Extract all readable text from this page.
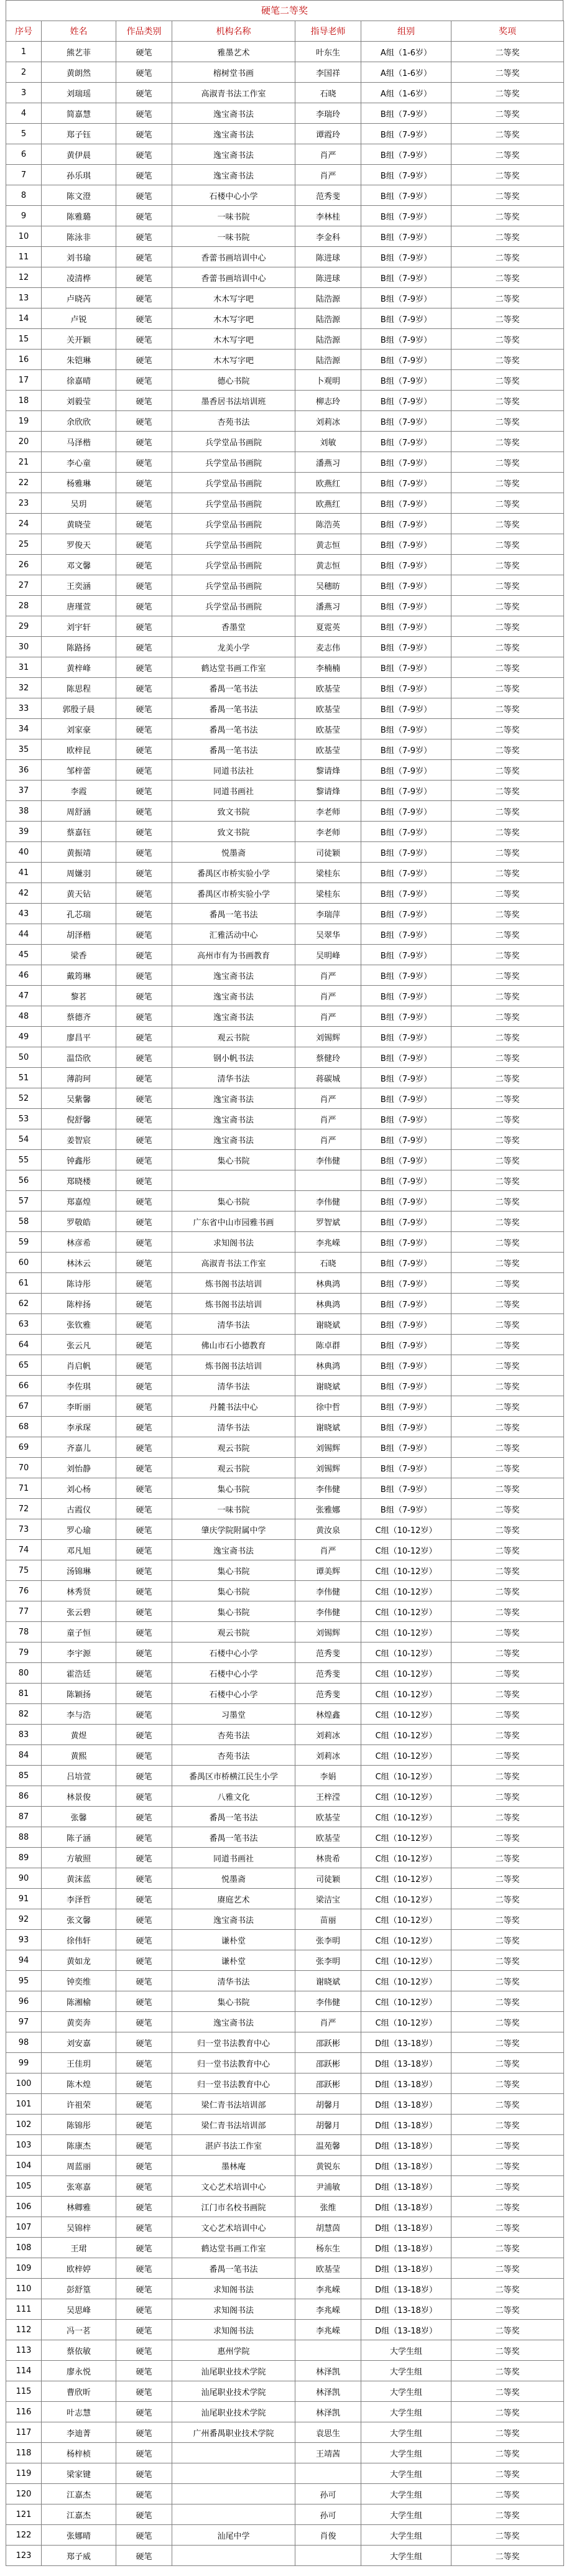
硬笔二等奖
序号	姓名	作品类别	机构名称	指导老师	组别	奖项
1	熊艺菲	硬笔	雅墨艺术	叶东生	A组（1-6岁）	二等奖
2	黄朗然	硬笔	榕树堂书画	李国祥	A组（1-6岁）	二等奖
3	刘瑞瑶	硬笔	高淑青书法工作室	石晓	A组（1-6岁）	二等奖
4	简嘉慧	硬笔	逸宝斋书法	李瑞玲	B组（7-9岁）	二等奖
5	郑子钰	硬笔	逸宝斋书法	谭霞玲	B组（7-9岁）	二等奖
6	黄伊晨	硬笔	逸宝斋书法	肖严	B组（7-9岁）	二等奖
7	孙乐琪	硬笔	逸宝斋书法	肖严	B组（7-9岁）	二等奖
8	陈文澄	硬笔	石楼中心小学	范秀斐	B组（7-9岁）	二等奖
9	陈雅璐	硬笔	一味书院	李林桂	B组（7-9岁）	二等奖
10	陈泳非	硬笔	一味书院	李金科	B组（7-9岁）	二等奖
11	刘书瑜	硬笔	香蕾书画培训中心	陈进球	B组（7-9岁）	二等奖
12	凌清桦	硬笔	香蕾书画培训中心	陈进球	B组（7-9岁）	二等奖
13	卢晓芮	硬笔	木木写字吧	陆浩源	B组（7-9岁）	二等奖
14	卢锐	硬笔	木木写字吧	陆浩源	B组（7-9岁）	二等奖
15	关开颖	硬笔	木木写字吧	陆浩源	B组（7-9岁）	二等奖
16	朱铠琳	硬笔	木木写字吧	陆浩源	B组（7-9岁）	二等奖
17	徐嘉晴	硬笔	德心书院	卜观明	B组（7-9岁）	二等奖
18	刘毅莹	硬笔	墨香居书法培训班	柳志玲	B组（7-9岁）	二等奖
19	余欣欣	硬笔	杏苑书法	刘莉冰	B组（7-9岁）	二等奖
20	马泽楷	硬笔	兵学堂品书画院	刘敏	B组（7-9岁）	二等奖
21	李心童	硬笔	兵学堂品书画院	潘燕习	B组（7-9岁）	二等奖
22	杨雅琳	硬笔	兵学堂品书画院	欧燕红	B组（7-9岁）	二等奖
23	吴玥	硬笔	兵学堂品书画院	欧燕红	B组（7-9岁）	二等奖
24	黄晓莹	硬笔	兵学堂品书画院	陈浩英	B组（7-9岁）	二等奖
25	罗俊天	硬笔	兵学堂品书画院	黄志恒	B组（7-9岁）	二等奖
26	邓文馨	硬笔	兵学堂品书画院	黄志恒	B组（7-9岁）	二等奖
27	王奕涵	硬笔	兵学堂品书画院	吴穗昉	B组（7-9岁）	二等奖
28	唐瑾萱	硬笔	兵学堂品书画院	潘燕习	B组（7-9岁）	二等奖
29	刘宇轩	硬笔	香墨堂	夏霓英	B组（7-9岁）	二等奖
30	陈路扬	硬笔	龙美小学	麦志伟	B组（7-9岁）	二等奖
31	黄梓峰	硬笔	鹤达堂书画工作室	李楠楠	B组（7-9岁）	二等奖
32	陈思程	硬笔	番禺一笔书法	欧基莹	B组（7-9岁）	二等奖
33	郭殷子晨	硬笔	番禺一笔书法	欧基莹	B组（7-9岁）	二等奖
34	刘家豪	硬笔	番禺一笔书法	欧基莹	B组（7-9岁）	二等奖
35	欧梓昆	硬笔	番禺一笔书法	欧基莹	B组（7-9岁）	二等奖
36	邹梓蕾	硬笔	同道书法社	黎请烽	B组（7-9岁）	二等奖
37	李霞	硬笔	同道书画社	黎请烽	B组（7-9岁）	二等奖
38	周舒涵	硬笔	致文书院	李老师	B组（7-9岁）	二等奖
39	蔡嘉钰	硬笔	致文书院	李老师	B组（7-9岁）	二等奖
40	黄振靖	硬笔	悦墨斋	司徒颖	B组（7-9岁）	二等奖
41	周嫌羽	硬笔	番禺区市桥实验小学	梁桂东	B组（7-9岁）	二等奖
42	黄天钻	硬笔	番禺区市桥实验小学	梁桂东	B组（7-9岁）	二等奖
43	孔芯瑞	硬笔	番禺一笔书法	李瑞萍	B组（7-9岁）	二等奖
44	胡泽楷	硬笔	汇雅活动中心	吴翠华	B组（7-9岁）	二等奖
45	梁香	硬笔	高州市有为书画教育	吴明峰	B组（7-9岁）	二等奖
46	戴筠琳	硬笔	逸宝斋书法	肖严	B组（7-9岁）	二等奖
47	黎茗	硬笔	逸宝斋书法	肖严	B组（7-9岁）	二等奖
48	蔡德齐	硬笔	逸宝斋书法	肖严	B组（7-9岁）	二等奖
49	廖昌平	硬笔	观云书院	刘锡辉	B组（7-9岁）	二等奖
50	温岱欣	硬笔	钢小帆书法	蔡健玲	B组（7-9岁）	二等奖
51	薄韵珂	硬笔	清华书法	蒋碳城	B组（7-9岁）	二等奖
52	吴紫馨	硬笔	逸宝斋书法	肖严	B组（7-9岁）	二等奖
53	倪舒馨	硬笔	逸宝斋书法	肖严	B组（7-9岁）	二等奖
54	姜智宸	硬笔	逸宝斋书法	肖严	B组（7-9岁）	二等奖
55	钟鑫彤	硬笔	集心书院	李伟健	B组（7-9岁）	二等奖
56	郑晓楼	硬笔			B组（7-9岁）	二等奖
57	郑嘉煌	硬笔	集心书院	李伟健	B组（7-9岁）	二等奖
58	罗敬皓	硬笔	广东省中山市园雅书画	罗智斌	B组（7-9岁）	二等奖
59	林彦希	硬笔	求知阁书法	李兆嵘	B组（7-9岁）	二等奖
60	林沐云	硬笔	高淑青书法工作室	石晓	B组（7-9岁）	二等奖
61	陈诗彤	硬笔	炼书阁书法培训	林典鸿	B组（7-9岁）	二等奖
62	陈梓扬	硬笔	炼书阁书法培训	林典鸿	B组（7-9岁）	二等奖
63	张钦雅	硬笔	清华书法	谢晓斌	B组（7-9岁）	二等奖
64	张云凡	硬笔	佛山市石小德教育	陈卓群	B组（7-9岁）	二等奖
65	肖启帆	硬笔	炼书阁书法培训	林典鸿	B组（7-9岁）	二等奖
66	李佐琪	硬笔	清华书法	谢晓斌	B组（7-9岁）	二等奖
67	李昕丽	硬笔	丹麓书法中心	徐中哲	B组（7-9岁）	二等奖
68	李承琛	硬笔	清华书法	谢晓斌	B组（7-9岁）	二等奖
69	齐嘉儿	硬笔	观云书院	刘锡辉	B组（7-9岁）	二等奖
70	刘怡静	硬笔	观云书院	刘锡辉	B组（7-9岁）	二等奖
71	刘心杨	硬笔	集心书院	李伟健	B组（7-9岁）	二等奖
72	古霞仪	硬笔	一味书院	张雅娜	B组（7-9岁）	二等奖
73	罗心瑜	硬笔	肇庆学院附属中学	黄汝泉	C组（10-12岁）	二等奖
74	邓凡旭	硬笔	逸宝斋书法	肖严	C组（10-12岁）	二等奖
75	汤锦琳	硬笔	集心书院	谭美辉	C组（10-12岁）	二等奖
76	林秀贤	硬笔	集心书院	李伟健	C组（10-12岁）	二等奖
77	张云碧	硬笔	集心书院	李伟健	C组（10-12岁）	二等奖
78	童子恒	硬笔	观云书院	刘锡辉	C组（10-12岁）	二等奖
79	李宇源	硬笔	石楼中心小学	范秀斐	C组（10-12岁）	二等奖
80	霍浩廷	硬笔	石楼中心小学	范秀斐	C组（10-12岁）	二等奖
81	陈颖扬	硬笔	石楼中心小学	范秀斐	C组（10-12岁）	二等奖
82	李与浩	硬笔	习墨堂	林煌鑫	C组（10-12岁）	二等奖
83	黄煜	硬笔	杏苑书法	刘莉冰	C组（10-12岁）	二等奖
84	黄熙	硬笔	杏苑书法	刘莉冰	C组（10-12岁）	二等奖
85	吕培萱	硬笔	番禺区市桥横江民生小学	李娟	C组（10-12岁）	二等奖
86	林景俊	硬笔	八雅文化	王梓滢	C组（10-12岁）	二等奖
87	张馨	硬笔	番禺一笔书法	欧基莹	C组（10-12岁）	二等奖
88	陈子涵	硬笔	番禺一笔书法	欧基莹	C组（10-12岁）	二等奖
89	方敏照	硬笔	同道书画社	林贵希	C组（10-12岁）	二等奖
90	黄沫蓝	硬笔	悦墨斋	司徒颖	C组（10-12岁）	二等奖
91	李泽哲	硬笔	赓庭艺术	梁洁宝	C组（10-12岁）	二等奖
92	张文馨	硬笔	逸宝斋书法	苗丽	C组（10-12岁）	二等奖
93	徐伟轩	硬笔	谦朴堂	张李明	C组（10-12岁）	二等奖
94	黄如龙	硬笔	谦朴堂	张李明	C组（10-12岁）	二等奖
95	钟奕维	硬笔	清华书法	谢晓斌	C组（10-12岁）	二等奖
96	陈湘榆	硬笔	集心书院	李伟健	C组（10-12岁）	二等奖
97	黄奕奔	硬笔	逸宝斋书法	肖严	C组（10-12岁）	二等奖
98	刘安嘉	硬笔	归一堂书法教育中心	邵跃彬	D组（13-18岁）	二等奖
99	王佳玥	硬笔	归一堂书法教育中心	邵跃彬	D组（13-18岁）	二等奖
100	陈木煌	硬笔	归一堂书法教育中心	邵跃彬	D组（13-18岁）	二等奖
101	许祖荣	硬笔	梁仁青书法培训部	胡馨月	D组（13-18岁）	二等奖
102	陈锦彤	硬笔	梁仁青书法培训部	胡馨月	D组（13-18岁）	二等奖
103	陈康杰	硬笔	湛庐书法工作室	温苑馨	D组（13-18岁）	二等奖
104	周蓝丽	硬笔	墨林庵	黄锐东	D组（13-18岁）	二等奖
105	张寒嘉	硬笔	文心艺术培训中心	尹浦敏	D组（13-18岁）	二等奖
106	林卿雅	硬笔	江门市名校书画院	张维	D组（13-18岁）	二等奖
107	吴锦梓	硬笔	文心艺术培训中心	胡慧茵	D组（13-18岁）	二等奖
108	王珺	硬笔	鹤达堂书画工作室	杨东生	D组（13-18岁）	二等奖
109	欧梓婷	硬笔	番禺一笔书法	欧基莹	D组（13-18岁）	二等奖
110	彭舒篁	硬笔	求知阁书法	李兆嵘	D组（13-18岁）	二等奖
111	吴思峰	硬笔	求知阁书法	李兆嵘	D组（13-18岁）	二等奖
112	冯一茗	硬笔	求知阁书法	李兆嵘	D组（13-18岁）	二等奖
113	蔡依敏	硬笔	惠州学院		大学生组	二等奖
114	廖永悦	硬笔	汕尾职业技术学院	林泽凯	大学生组	二等奖
115	曹欣昕	硬笔	汕尾职业技术学院	林泽凯	大学生组	二等奖
116	叶志慧	硬笔	汕尾职业技术学院	林泽凯	大学生组	二等奖
117	李迪菁	硬笔	广州番禺职业技术学院	袁思生	大学生组	二等奖
118	杨梓桢	硬笔		王靖茜	大学生组	二等奖
119	梁家键	硬笔			大学生组	二等奖
120	江嘉杰	硬笔		孙可	大学生组	二等奖
121	江嘉杰	硬笔		孙可	大学生组	二等奖
122	张娜晴	硬笔	汕尾中学	肖俊	大学生组	二等奖
123	郑子威	硬笔			大学生组	二等奖
